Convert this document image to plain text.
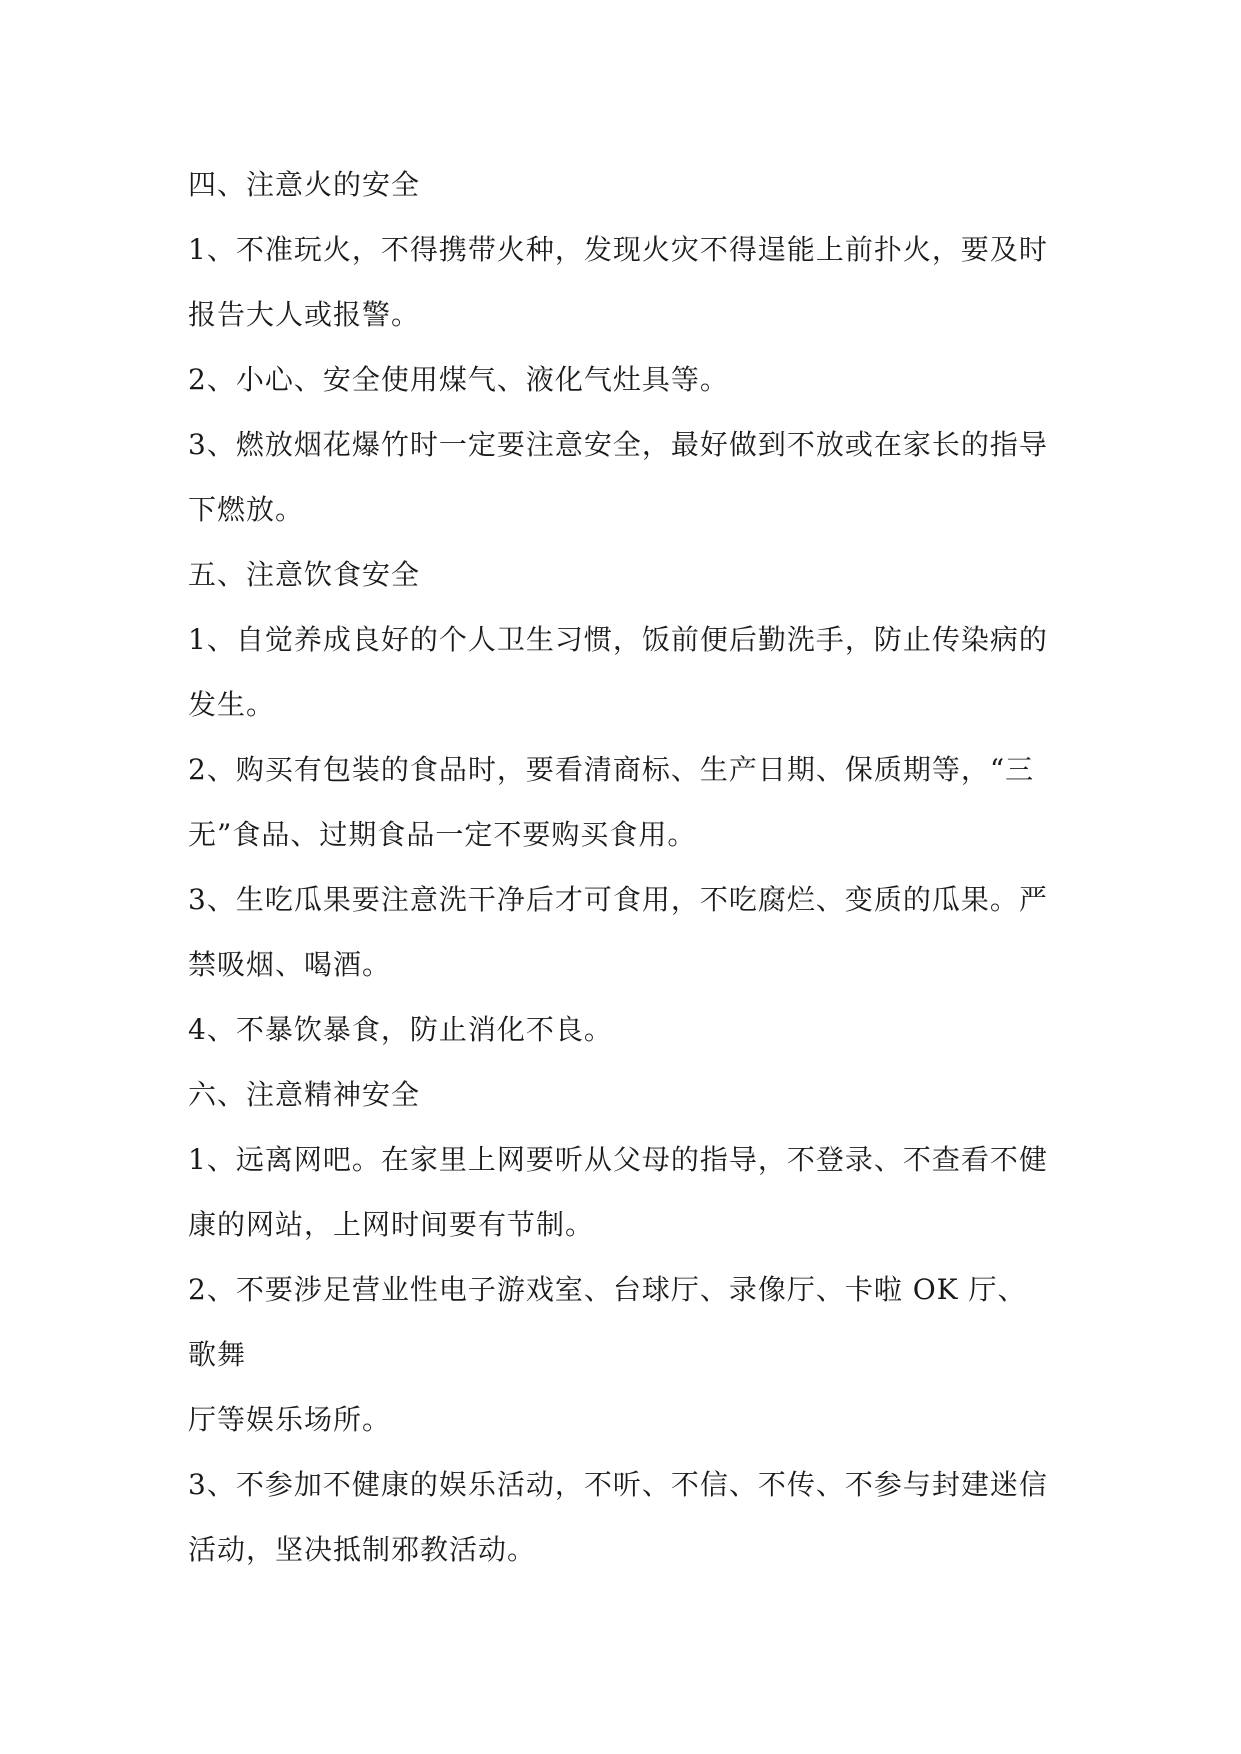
四、注意火的安全

1、不准玩火，不得携带火种，发现火灾不得逞能上前扑火，要及时

报告大人或报警。

2、小心、安全使用煤气、液化气灶具等。

3、燃放烟花爆竹时一定要注意安全，最好做到不放或在家长的指导

下燃放。

五、注意饮食安全

1、自觉养成良好的个人卫生习惯，饭前便后勤洗手，防止传染病的

发生。

2、购买有包装的食品时，要看清商标、生产日期、保质期等，“三

无”食品、过期食品一定不要购买食用。

3、生吃瓜果要注意洗干净后才可食用，不吃腐烂、变质的瓜果。严

禁吸烟、喝酒。

4、不暴饮暴食，防止消化不良。

六、注意精神安全

1、远离网吧。在家里上网要听从父母的指导，不登录、不查看不健

康的网站，上网时间要有节制。

2、不要涉足营业性电子游戏室、台球厅、录像厅、卡啦 OK 厅、歌舞

厅等娱乐场所。

3、不参加不健康的娱乐活动，不听、不信、不传、不参与封建迷信

活动，坚决抵制邪教活动。
